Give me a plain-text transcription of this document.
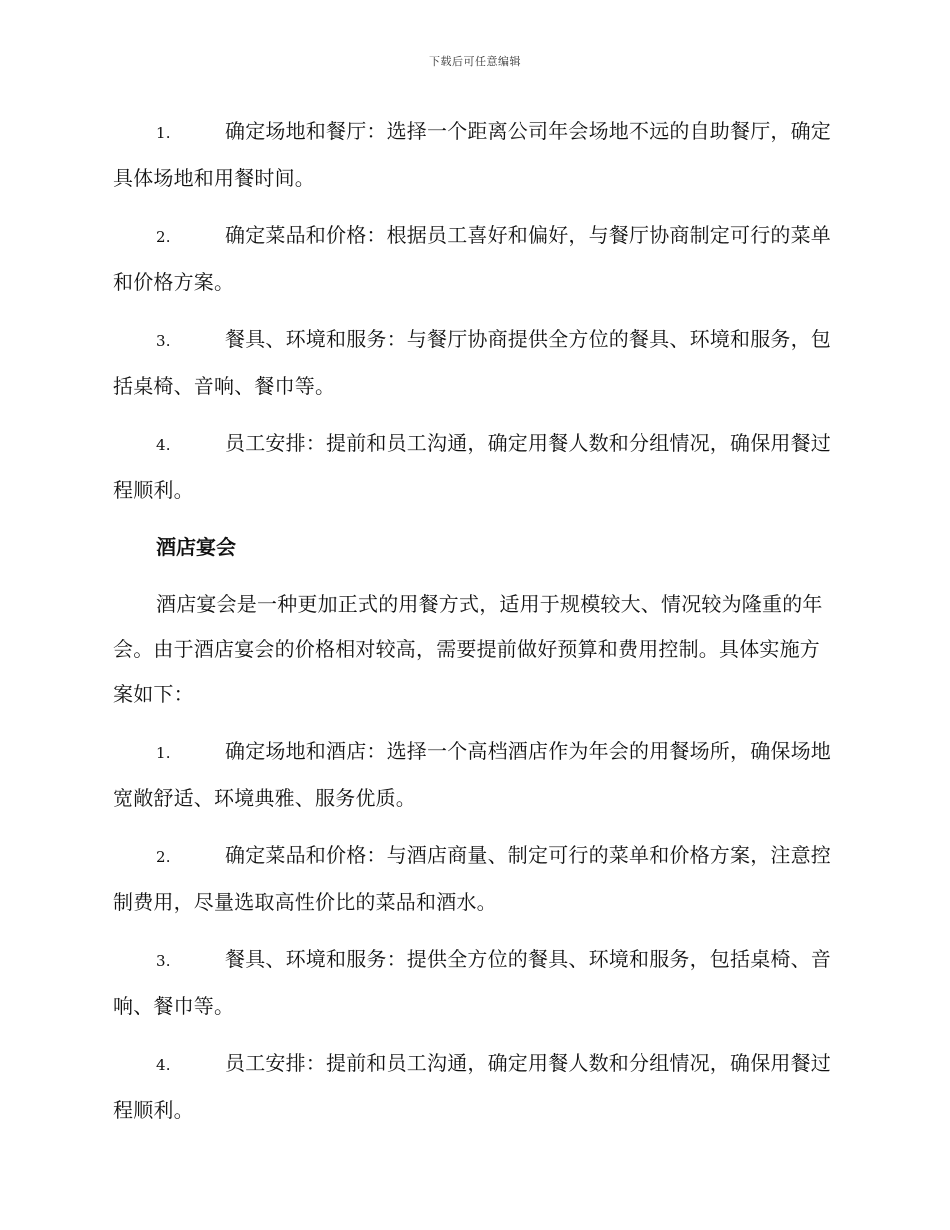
下载后可任意编辑
1.	确定场地和餐厅：选择一个距离公司年会场地不远的自助餐厅，确定具体场地和用餐时间。
2.	确定菜品和价格：根据员工喜好和偏好，与餐厅协商制定可行的菜单和价格方案。
3.	餐具、环境和服务：与餐厅协商提供全方位的餐具、环境和服务，包括桌椅、音响、餐巾等。
4.	员工安排：提前和员工沟通，确定用餐人数和分组情况，确保用餐过程顺利。
酒店宴会
酒店宴会是一种更加正式的用餐方式，适用于规模较大、情况较为隆重的年会。由于酒店宴会的价格相对较高，需要提前做好预算和费用控制。具体实施方案如下：
1.	确定场地和酒店：选择一个高档酒店作为年会的用餐场所，确保场地宽敞舒适、环境典雅、服务优质。
2.	确定菜品和价格：与酒店商量、制定可行的菜单和价格方案，注意控制费用，尽量选取高性价比的菜品和酒水。
3.	餐具、环境和服务：提供全方位的餐具、环境和服务，包括桌椅、音响、餐巾等。
4.	员工安排：提前和员工沟通，确定用餐人数和分组情况，确保用餐过程顺利。
